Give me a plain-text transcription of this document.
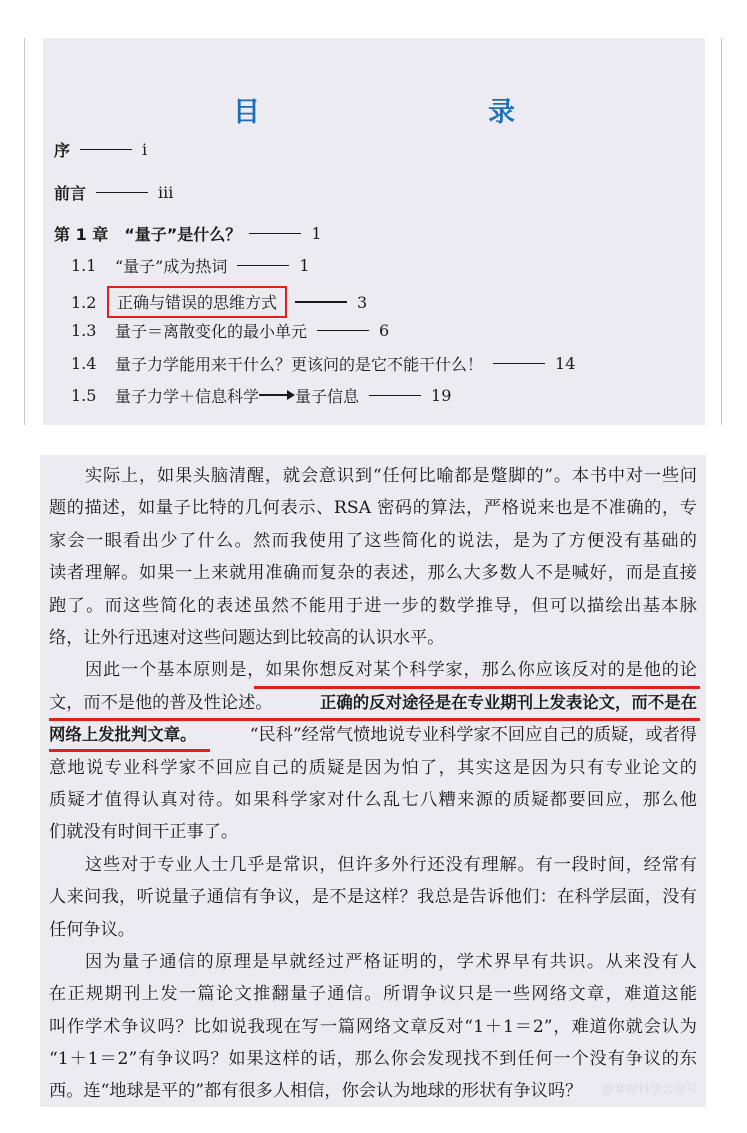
目　　录
序	i
前言	iii
第 1 章　“量子”是什么？	1
1.1	“量子”成为热词	1
1.2	正确与错误的思维方式	3
1.3	量子＝离散变化的最小单元	6
1.4	量子力学能用来干什么？更该问的是它不能干什么！	14
1.5	量子力学＋信息科学 量子信息	19
实际上，如果头脑清醒，就会意识到“任何比喻都是蹩脚的”。本书中对一些问
题的描述，如量子比特的几何表示、RSA 密码的算法，严格说来也是不准确的，专
家会一眼看出少了什么。然而我使用了这些简化的说法，是为了方便没有基础的
读者理解。如果一上来就用准确而复杂的表述，那么大多数人不是喊好，而是直接
跑了。而这些简化的表述虽然不能用于进一步的数学推导，但可以描绘出基本脉
络，让外行迅速对这些问题达到比较高的认识水平。
因此一个基本原则是，如果你想反对某个科学家，那么你应该反对的是他的论
文，而不是他的普及性论述。	正确的反对途径是在专业期刊上发表论文，而不是在
网络上发批判文章。	“民科”经常气愤地说专业科学家不回应自己的质疑，或者得
意地说专业科学家不回应自己的质疑是因为怕了，其实这是因为只有专业论文的
质疑才值得认真对待。如果科学家对什么乱七八糟来源的质疑都要回应，那么他
们就没有时间干正事了。
这些对于专业人士几乎是常识，但许多外行还没有理解。有一段时间，经常有
人来问我，听说量子通信有争议，是不是这样？我总是告诉他们：在科学层面，没有
任何争议。
因为量子通信的原理是早就经过严格证明的，学术界早有共识。从来没有人
在正规期刊上发一篇论文推翻量子通信。所谓争议只是一些网络文章，难道这能
叫作学术争议吗？比如说我现在写一篇网络文章反对“1＋1＝2”，难道你就会认为
“1＋1＝2”有争议吗？如果这样的话，那么你会发现找不到任何一个没有争议的东
西。连“地球是平的”都有很多人相信，你会认为地球的形状有争议吗？	@掌握科学公众号
